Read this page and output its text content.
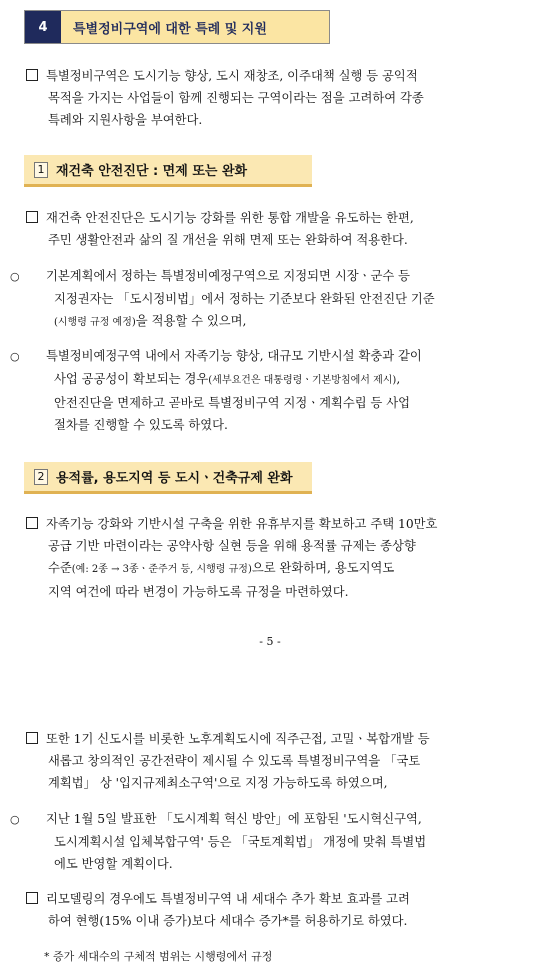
4	특별정비구역에 대한 특례 및 지원
특별정비구역은 도시기능 향상, 도시 재창조, 이주대책 실행 등 공익적
목적을 가지는 사업들이 함께 진행되는 구역이라는 점을 고려하여 각종
특례와 지원사항을 부여한다.
1 재건축 안전진단 : 면제 또는 완화
재건축 안전진단은 도시기능 강화를 위한 통합 개발을 유도하는 한편,
주민 생활안전과 삶의 질 개선을 위해 면제 또는 완화하여 적용한다.
○ 기본계획에서 정하는 특별정비예정구역으로 지정되면 시장ㆍ군수 등
지정권자는 「도시정비법」에서 정하는 기준보다 완화된 안전진단 기준
(시행령 규정 예정)을 적용할 수 있으며,
○ 특별정비예정구역 내에서 자족기능 향상, 대규모 기반시설 확충과 같이
사업 공공성이 확보되는 경우(세부요건은 대통령령ㆍ기본방침에서 제시),
안전진단을 면제하고 곧바로 특별정비구역 지정ㆍ계획수립 등 사업
절차를 진행할 수 있도록 하였다.
2 용적률, 용도지역 등 도시ㆍ건축규제 완화
자족기능 강화와 기반시설 구축을 위한 유휴부지를 확보하고 주택 10만호
공급 기반 마련이라는 공약사항 실현 등을 위해 용적률 규제는 종상향
수준(예: 2종 → 3종ㆍ준주거 등, 시행령 규정)으로 완화하며, 용도지역도
지역 여건에 따라 변경이 가능하도록 규정을 마련하였다.
- 5 -
또한 1기 신도시를 비롯한 노후계획도시에 직주근접, 고밀ㆍ복합개발 등
새롭고 창의적인 공간전략이 제시될 수 있도록 특별정비구역을 「국토
계획법」 상 '입지규제최소구역'으로 지정 가능하도록 하였으며,
○ 지난 1월 5일 발표한 「도시계획 혁신 방안」에 포함된 '도시혁신구역,
도시계획시설 입체복합구역' 등은 「국토계획법」 개정에 맞춰 특별법
에도 반영할 계획이다.
리모델링의 경우에도 특별정비구역 내 세대수 추가 확보 효과를 고려
하여 현행(15% 이내 증가)보다 세대수 증가*를 허용하기로 하였다.
* 증가 세대수의 구체적 범위는 시행령에서 규정
